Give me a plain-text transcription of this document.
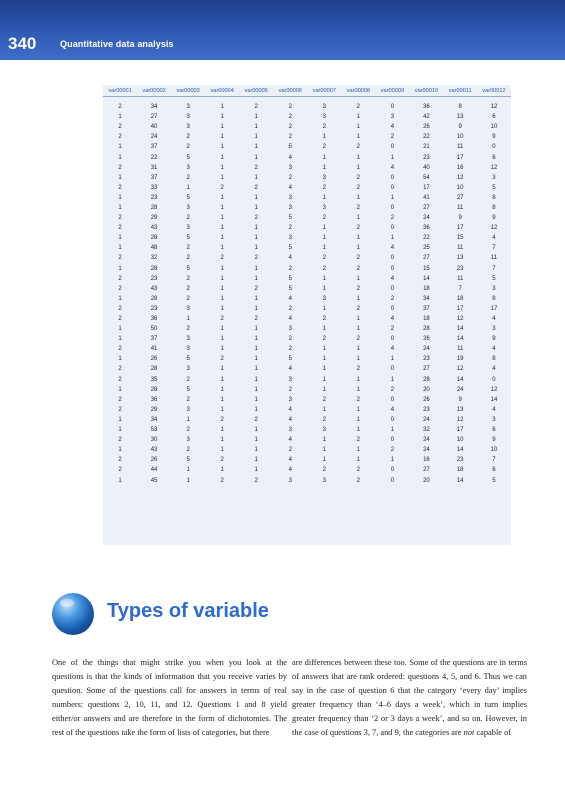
340	Quantitative data analysis
var00001	var00002	var00003	var00004	var00005	var00006	var00007	var00008	var00009	var00010	var00011	var00012

2	34	3	1	2	2	3	2	0	36	8	12
1	27	3	1	1	2	3	1	3	42	13	6
2	40	3	1	1	2	2	1	4	26	9	10
2	24	2	1	1	2	1	1	2	22	10	9
1	37	2	1	1	5	2	2	0	21	11	0
1	22	5	1	1	4	1	1	1	23	17	6
2	31	3	1	2	3	1	1	4	40	16	12
1	37	2	1	1	2	3	2	0	54	12	3
2	33	1	2	2	4	2	2	0	17	10	5
1	23	5	1	1	3	1	1	1	41	27	8
1	28	3	1	1	3	3	2	0	27	11	8
2	29	2	1	2	5	2	1	2	24	9	9
2	43	3	1	1	2	1	2	0	36	17	12
1	28	5	1	1	3	1	1	1	22	15	4
1	48	2	1	1	5	1	1	4	25	11	7
2	32	2	2	2	4	2	2	0	27	13	11
1	28	5	1	1	2	2	2	0	15	23	7
2	23	2	1	1	5	1	1	4	14	11	5
2	43	2	1	2	5	1	2	0	18	7	3
1	28	2	1	1	4	3	1	2	34	18	8
2	23	3	1	1	2	1	2	0	37	17	17
2	36	1	2	2	4	2	1	4	18	12	4
1	50	2	1	1	3	1	1	2	28	14	3
1	37	3	1	1	2	2	2	0	26	14	9
2	41	3	1	1	2	1	1	4	24	11	4
1	26	5	2	1	5	1	1	1	23	19	8
2	28	3	1	1	4	1	2	0	27	12	4
2	35	2	1	1	3	1	1	1	28	14	0
1	28	5	1	1	2	1	1	2	20	24	12
2	36	2	1	1	3	2	2	0	26	9	14
2	29	3	1	1	4	1	1	4	23	13	4
1	34	1	2	2	4	2	1	0	24	12	3
1	53	2	1	1	3	3	1	1	32	17	6
2	30	3	1	1	4	1	2	0	24	10	9
1	43	2	1	1	2	1	1	2	24	14	10
2	26	5	2	1	4	1	1	1	16	23	7
2	44	1	1	1	4	2	2	0	27	18	6
1	45	1	2	2	3	3	2	0	20	14	5
Types of variable
One of the things that might strike you when you look at the questions is that the kinds of information that you receive varies by question. Some of the questions call for answers in terms of real numbers: questions 2, 10, 11, and 12. Questions 1 and 8 yield either/or answers and are therefore in the form of dichotomies. The rest of the questions take the form of lists of categories, but there
are differences between these too. Some of the questions are in terms of answers that are rank ordered: questions 4, 5, and 6. Thus we can say in the case of question 6 that the category ‘every day’ implies greater frequency than ‘4–6 days a week’, which in turn implies greater frequency than ‘2 or 3 days a week’, and so on. However, in the case of questions 3, 7, and 9, the categories are not capable of
